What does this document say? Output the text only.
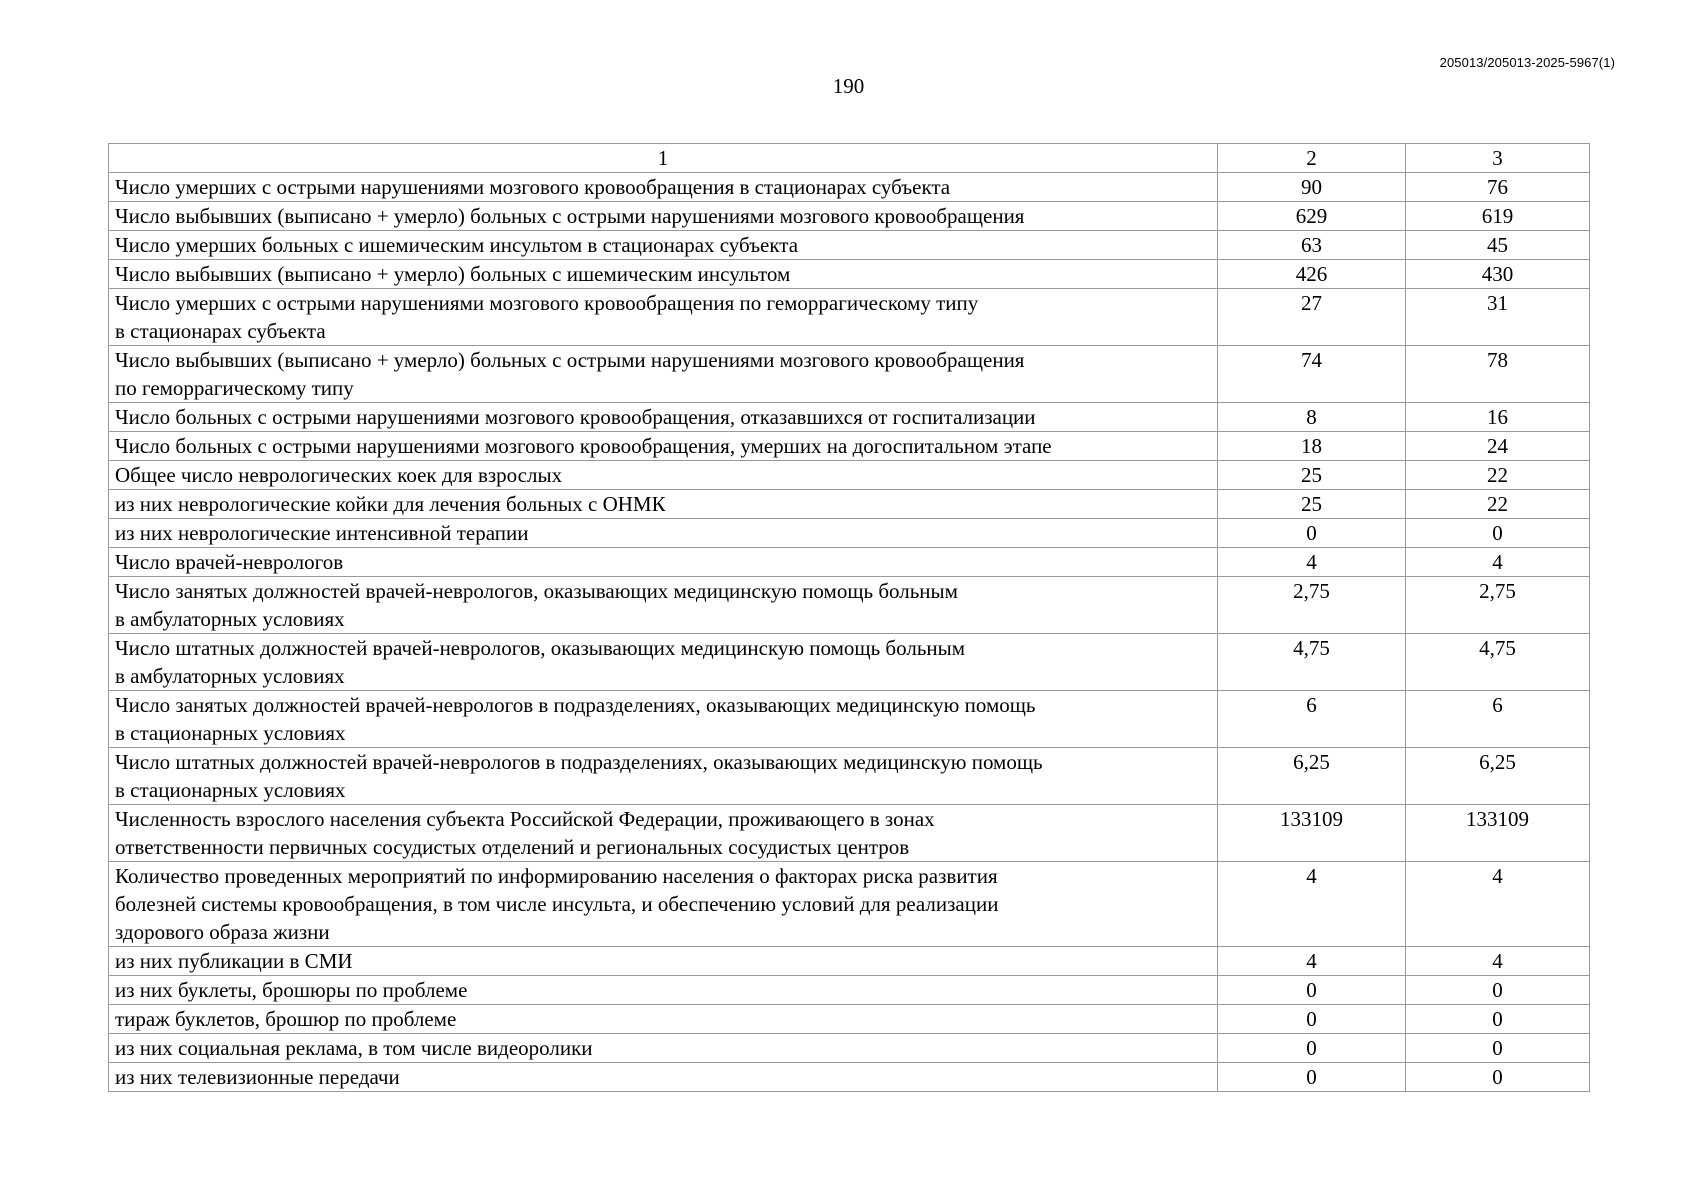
205013/205013-2025-5967(1)
190
1	2	3
Число умерших с острыми нарушениями мозгового кровообращения в стационарах субъекта	90	76
Число выбывших (выписано + умерло) больных с острыми нарушениями мозгового кровообращения	629	619
Число умерших больных с ишемическим инсультом в стационарах субъекта	63	45
Число выбывших (выписано + умерло) больных с ишемическим инсультом	426	430
Число умерших с острыми нарушениями мозгового кровообращения по геморрагическому типу
в стационарах субъекта	27	31
Число выбывших (выписано + умерло) больных с острыми нарушениями мозгового кровообращения
по геморрагическому типу	74	78
Число больных с острыми нарушениями мозгового кровообращения, отказавшихся от госпитализации	8	16
Число больных с острыми нарушениями мозгового кровообращения, умерших на догоспитальном этапе	18	24
Общее число неврологических коек для взрослых	25	22
из них неврологические койки для лечения больных с ОНМК	25	22
из них неврологические интенсивной терапии	0	0
Число врачей-неврологов	4	4
Число занятых должностей врачей-неврологов, оказывающих медицинскую помощь больным
в амбулаторных условиях	2,75	2,75
Число штатных должностей врачей-неврологов, оказывающих медицинскую помощь больным
в амбулаторных условиях	4,75	4,75
Число занятых должностей врачей-неврологов в подразделениях, оказывающих медицинскую помощь
в стационарных условиях	6	6
Число штатных должностей врачей-неврологов в подразделениях, оказывающих медицинскую помощь
в стационарных условиях	6,25	6,25
Численность взрослого населения субъекта Российской Федерации, проживающего в зонах
ответственности первичных сосудистых отделений и региональных сосудистых центров	133109	133109
Количество проведенных мероприятий по информированию населения о факторах риска развития
болезней системы кровообращения, в том числе инсульта, и обеспечению условий для реализации
здорового образа жизни	4	4
из них публикации в СМИ	4	4
из них буклеты, брошюры по проблеме	0	0
тираж буклетов, брошюр по проблеме	0	0
из них социальная реклама, в том числе видеоролики	0	0
из них телевизионные передачи	0	0
